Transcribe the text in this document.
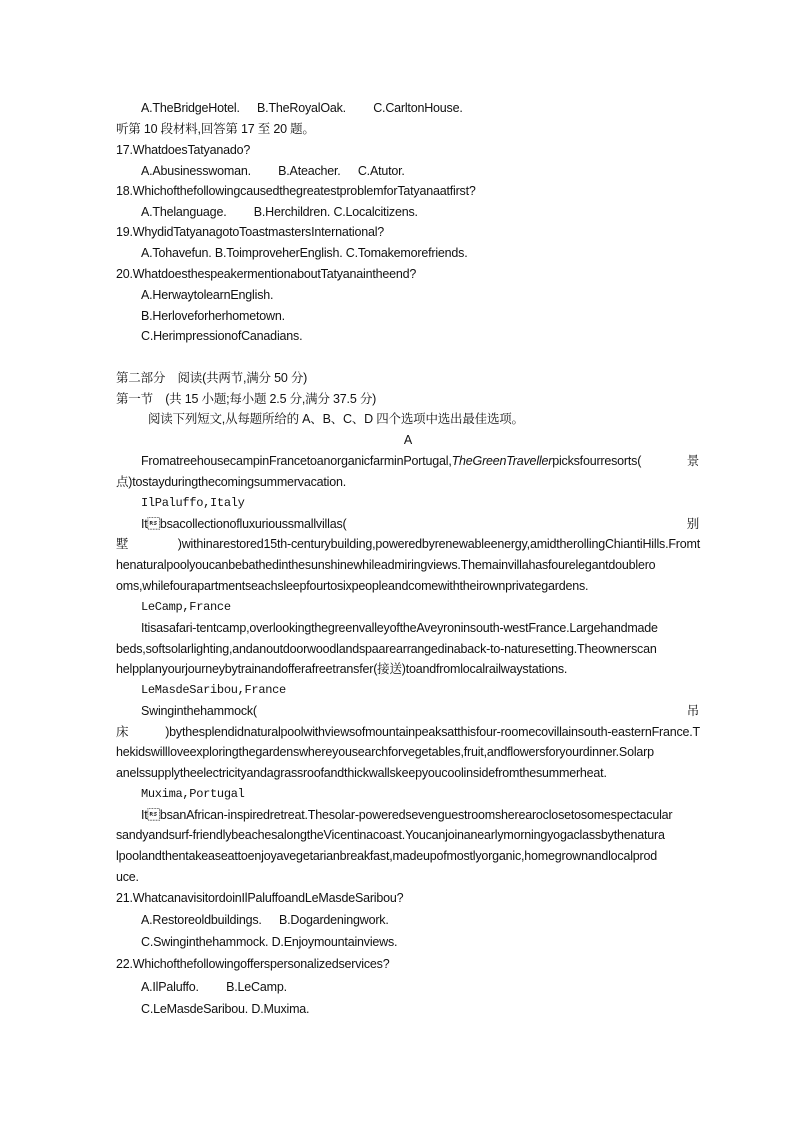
A.TheBridgeHotel. B.TheRoyalOak. C.CarltonHouse.
听第 10 段材料,回答第 17 至 20 题。
17.WhatdoesTatyanado?
A.Abusinesswoman. B.Ateacher. C.Atutor.
18.WhichofthefollowingcausedthegreatestproblemforTatyanaatfirst?
A.Thelanguage. B.Herchildren. C.Localcitizens.
19.WhydidTatyanagotoToastmastersInternational?
A.Tohavefun. B.ToimproveherEnglish. C.Tomakemorefriends.
20.WhatdoesthespeakermentionaboutTatyanaintheend?
A.HerwaytolearnEnglish.
B.Herloveforherhometown.
C.HerimpressionofCanadians.
第二部分　阅读(共两节,满分 50 分)
第一节　(共 15 小题;每小题 2.5 分,满分 37.5 分)
阅读下列短文,从每题所给的 A、B、C、D 四个选项中选出最佳选项。
A
FromatreehousecampinFrancetoanorganicfarminPortugal,TheGreenTravellerpicksfourresorts(	景
点)tostayduringthecomingsummervacation.
IlPaluffo,Italy
Itbsacollectionofluxurioussmallvillas(	别
墅)withinarestored15th-centurybuilding,poweredbyrenewableenergy,amidtherollingChiantiHills.Fromt
henaturalpoolyoucanbebathedinthesunshinewhileadmiringviews.Themainvillahasfourelegantdoublero
oms,whilefourapartmentseachsleepfourtosixpeopleandcomewiththeirownprivategardens.
LeCamp,France
Itisasafari-tentcamp,overlookingthegreenvalleyoftheAveyroninsouth-westFrance.Largehandmade
beds,softsolarlighting,andanoutdoorwoodlandspaarearrangedinaback-to-naturesetting.Theownerscan
helpplanyourjourneybytrainandofferafreetransfer(接送)toandfromlocalrailwaystations.
LeMasdeSaribou,France
Swinginthehammock(	吊
床)bythesplendidnaturalpoolwithviewsofmountainpeaksatthisfour-roomecovillainsouth-easternFrance.T
hekidswillloveexploringthegardenswhereyousearchforvegetables,fruit,andflowersforyourdinner.Solarp
anelssupplytheelectricityandagrassroofandthickwallskeepyoucoolinsidefromthesummerheat.
Muxima,Portugal
ItbsanAfrican-inspiredretreat.Thesolar-poweredsevenguestroomsherearoclosetosomespectacular
sandyandsurf-friendlybeachesalongtheVicentinacoast.Youcanjoinanearlymorningyogaclassbythenatura
lpoolandthentakeaseattoenjoyavegetarianbreakfast,madeupofmostlyorganic,homegrownandlocalprod
uce.
21.WhatcanavisitordoinIlPaluffoandLeMasdeSaribou?
A.Restoreoldbuildings. B.Dogardeningwork.
C.Swinginthehammock. D.Enjoymountainviews.
22.Whichofthefollowingofferspersonalizedservices?
A.IlPaluffo. B.LeCamp.
C.LeMasdeSaribou. D.Muxima.
